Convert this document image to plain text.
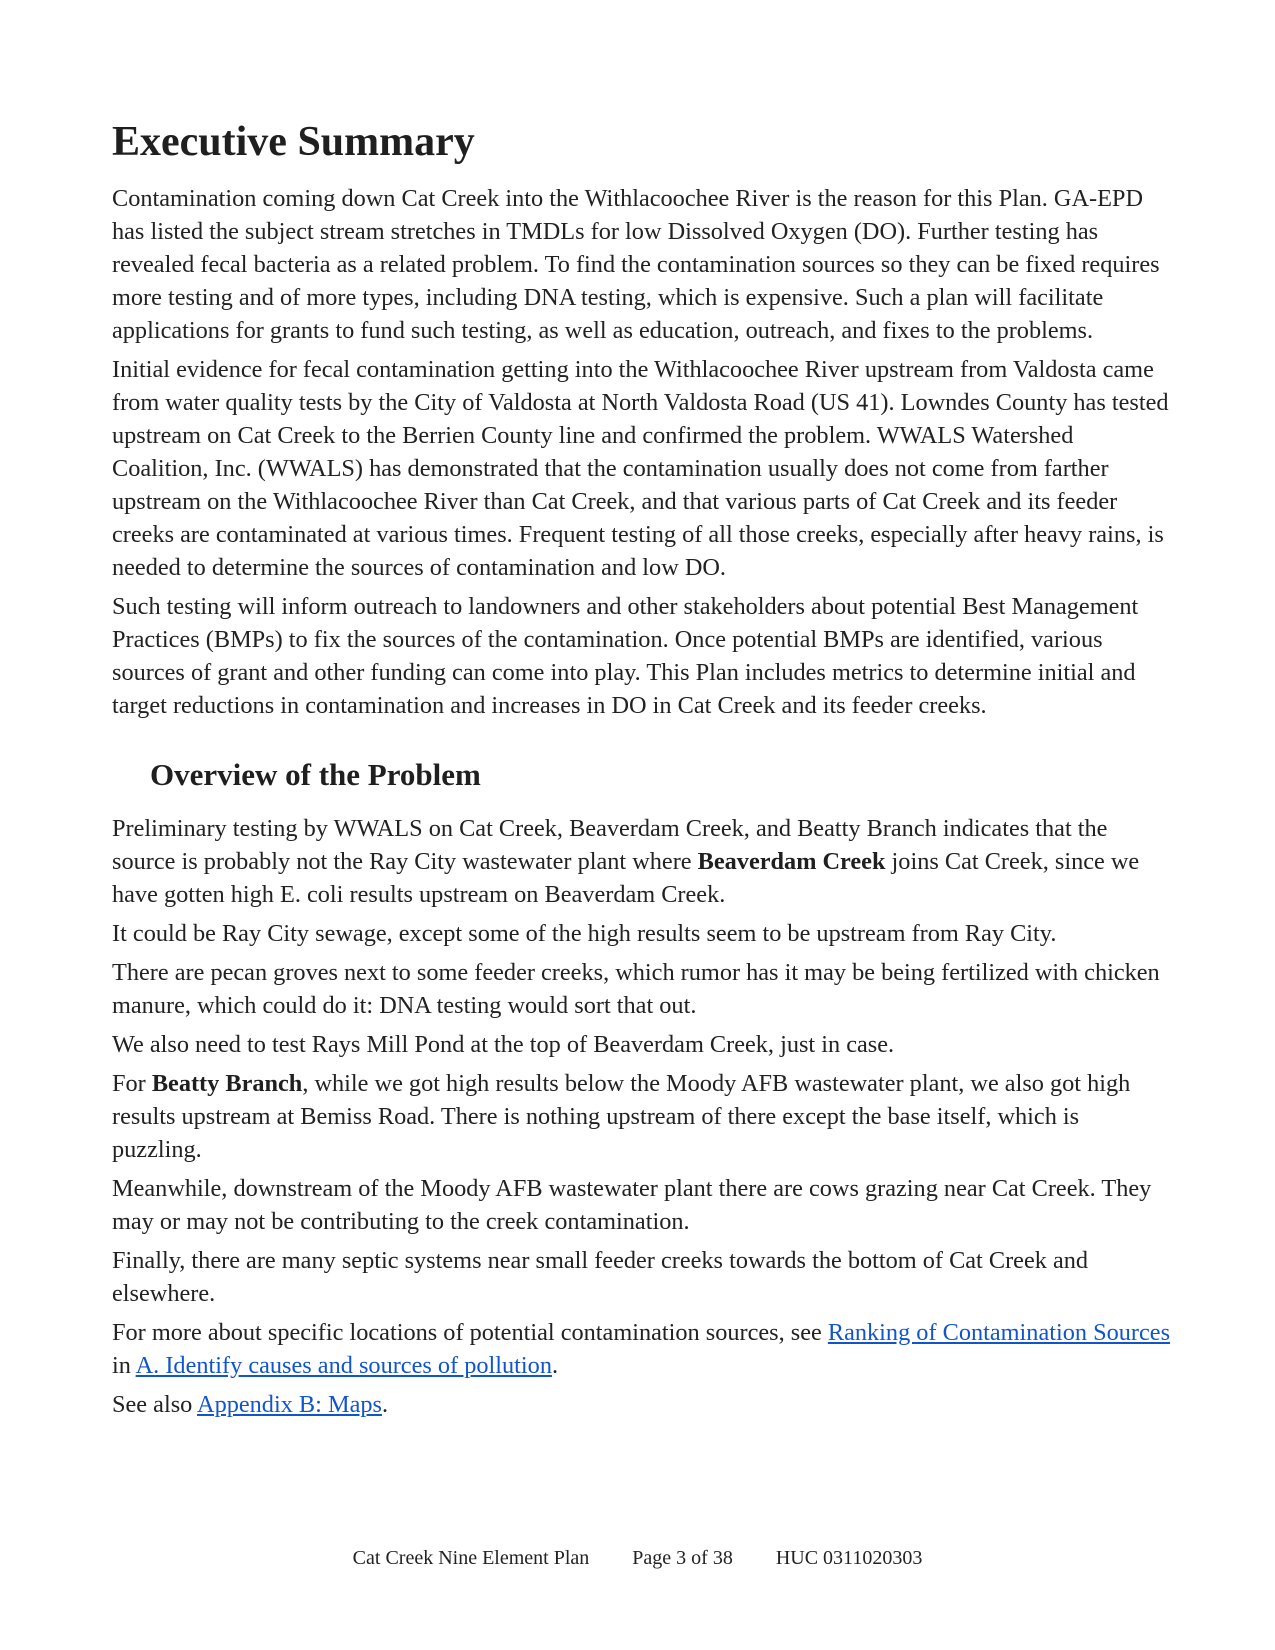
Executive Summary

Contamination coming down Cat Creek into the Withlacoochee River is the reason for this Plan. GA-EPD has listed the subject stream stretches in TMDLs for low Dissolved Oxygen (DO). Further testing has revealed fecal bacteria as a related problem. To find the contamination sources so they can be fixed requires more testing and of more types, including DNA testing, which is expensive. Such a plan will facilitate applications for grants to fund such testing, as well as education, outreach, and fixes to the problems.

Initial evidence for fecal contamination getting into the Withlacoochee River upstream from Valdosta came from water quality tests by the City of Valdosta at North Valdosta Road (US 41). Lowndes County has tested upstream on Cat Creek to the Berrien County line and confirmed the problem. WWALS Watershed Coalition, Inc. (WWALS) has demonstrated that the contamination usually does not come from farther upstream on the Withlacoochee River than Cat Creek, and that various parts of Cat Creek and its feeder creeks are contaminated at various times. Frequent testing of all those creeks, especially after heavy rains, is needed to determine the sources of contamination and low DO.

Such testing will inform outreach to landowners and other stakeholders about potential Best Management Practices (BMPs) to fix the sources of the contamination. Once potential BMPs are identified, various sources of grant and other funding can come into play. This Plan includes metrics to determine initial and target reductions in contamination and increases in DO in Cat Creek and its feeder creeks.

Overview of the Problem

Preliminary testing by WWALS on Cat Creek, Beaverdam Creek, and Beatty Branch indicates that the source is probably not the Ray City wastewater plant where Beaverdam Creek joins Cat Creek, since we have gotten high E. coli results upstream on Beaverdam Creek.

It could be Ray City sewage, except some of the high results seem to be upstream from Ray City.

There are pecan groves next to some feeder creeks, which rumor has it may be being fertilized with chicken manure, which could do it: DNA testing would sort that out.

We also need to test Rays Mill Pond at the top of Beaverdam Creek, just in case.

For Beatty Branch, while we got high results below the Moody AFB wastewater plant, we also got high results upstream at Bemiss Road. There is nothing upstream of there except the base itself, which is puzzling.

Meanwhile, downstream of the Moody AFB wastewater plant there are cows grazing near Cat Creek. They may or may not be contributing to the creek contamination.

Finally, there are many septic systems near small feeder creeks towards the bottom of Cat Creek and elsewhere.

For more about specific locations of potential contamination sources, see Ranking of Contamination Sources in A. Identify causes and sources of pollution.

See also Appendix B: Maps.

Cat Creek Nine Element Plan Page 3 of 38 HUC 0311020303
